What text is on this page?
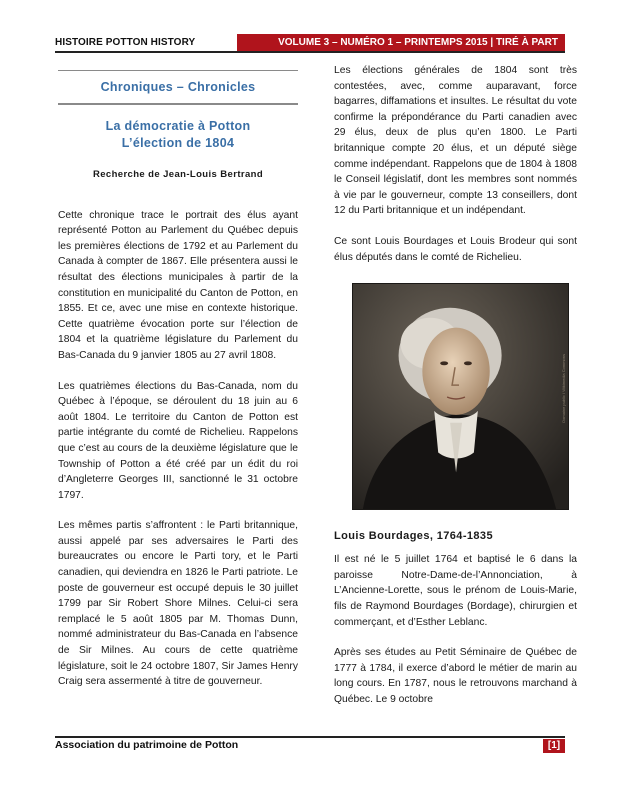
HISTOIRE POTTON HISTORY	VOLUME 3 – NUMÉRO 1 – PRINTEMPS 2015 | TIRÉ À PART
Chroniques – Chronicles
La démocratie à Potton
L’élection de 1804
Recherche de Jean-Louis Bertrand

Cette chronique trace le portrait des élus ayant représenté Potton au Parlement du Québec depuis les premières élections de 1792 et au Parlement du Canada à compter de 1867. Elle présentera aussi le résultat des élections municipales à partir de la constitution en municipalité du Canton de Potton, en 1855. Et ce, avec une mise en contexte historique. Cette quatrième évocation porte sur l’élection de 1804 et la quatrième législature du Parlement du Bas-Canada du 9 janvier 1805 au 27 avril 1808.

Les quatrièmes élections du Bas-Canada, nom du Québec à l’époque, se déroulent du 18 juin au 6 août 1804. Le territoire du Canton de Potton est partie intégrante du comté de Richelieu. Rappelons que c’est au cours de la deuxième législature que le Township of Potton a été créé par un édit du roi d’Angleterre Georges III, sanctionné le 31 octobre 1797.

Les mêmes partis s’affrontent : le Parti britannique, aussi appelé par ses adversaires le Parti des bureaucrates ou encore le Parti tory, et le Parti canadien, qui deviendra en 1826 le Parti patriote. Le poste de gouverneur est occupé depuis le 30 juillet 1799 par Sir Robert Shore Milnes. Celui-ci sera remplacé le 5 août 1805 par M. Thomas Dunn, nommé administrateur du Bas-Canada en l’absence de Sir Milnes. Au cours de cette quatrième législature, soit le 24 octobre 1807, Sir James Henry Craig sera assermenté à titre de gouverneur.

Les élections générales de 1804 sont très contestées, avec, comme auparavant, force bagarres, diffamations et insultes. Le résultat du vote confirme la prépondérance du Parti canadien avec 29 élus, deux de plus qu’en 1800. Le Parti britannique compte 20 élus, et un député siège comme indépendant. Rappelons que de 1804 à 1808 le Conseil législatif, dont les membres sont nommés à vie par le gouverneur, compte 13 conseillers, dont 12 du Parti britannique et un indépendant.

Ce sont Louis Bourdages et Louis Brodeur qui sont élus députés dans le comté de Richelieu.

Domaine public / Wikimedia Commons
Louis Bourdages, 1764-1835

Il est né le 5 juillet 1764 et baptisé le 6 dans la paroisse Notre-Dame-de-l’Annonciation, à L’Ancienne-Lorette, sous le prénom de Louis-Marie, fils de Raymond Bourdages (Bordage), chirurgien et commerçant, et d’Esther Leblanc.

Après ses études au Petit Séminaire de Québec de 1777 à 1784, il exerce d’abord le métier de marin au long cours. En 1787, nous le retrouvons marchand à Québec. Le 9 octobre

Association du patrimoine de Potton	[1]
